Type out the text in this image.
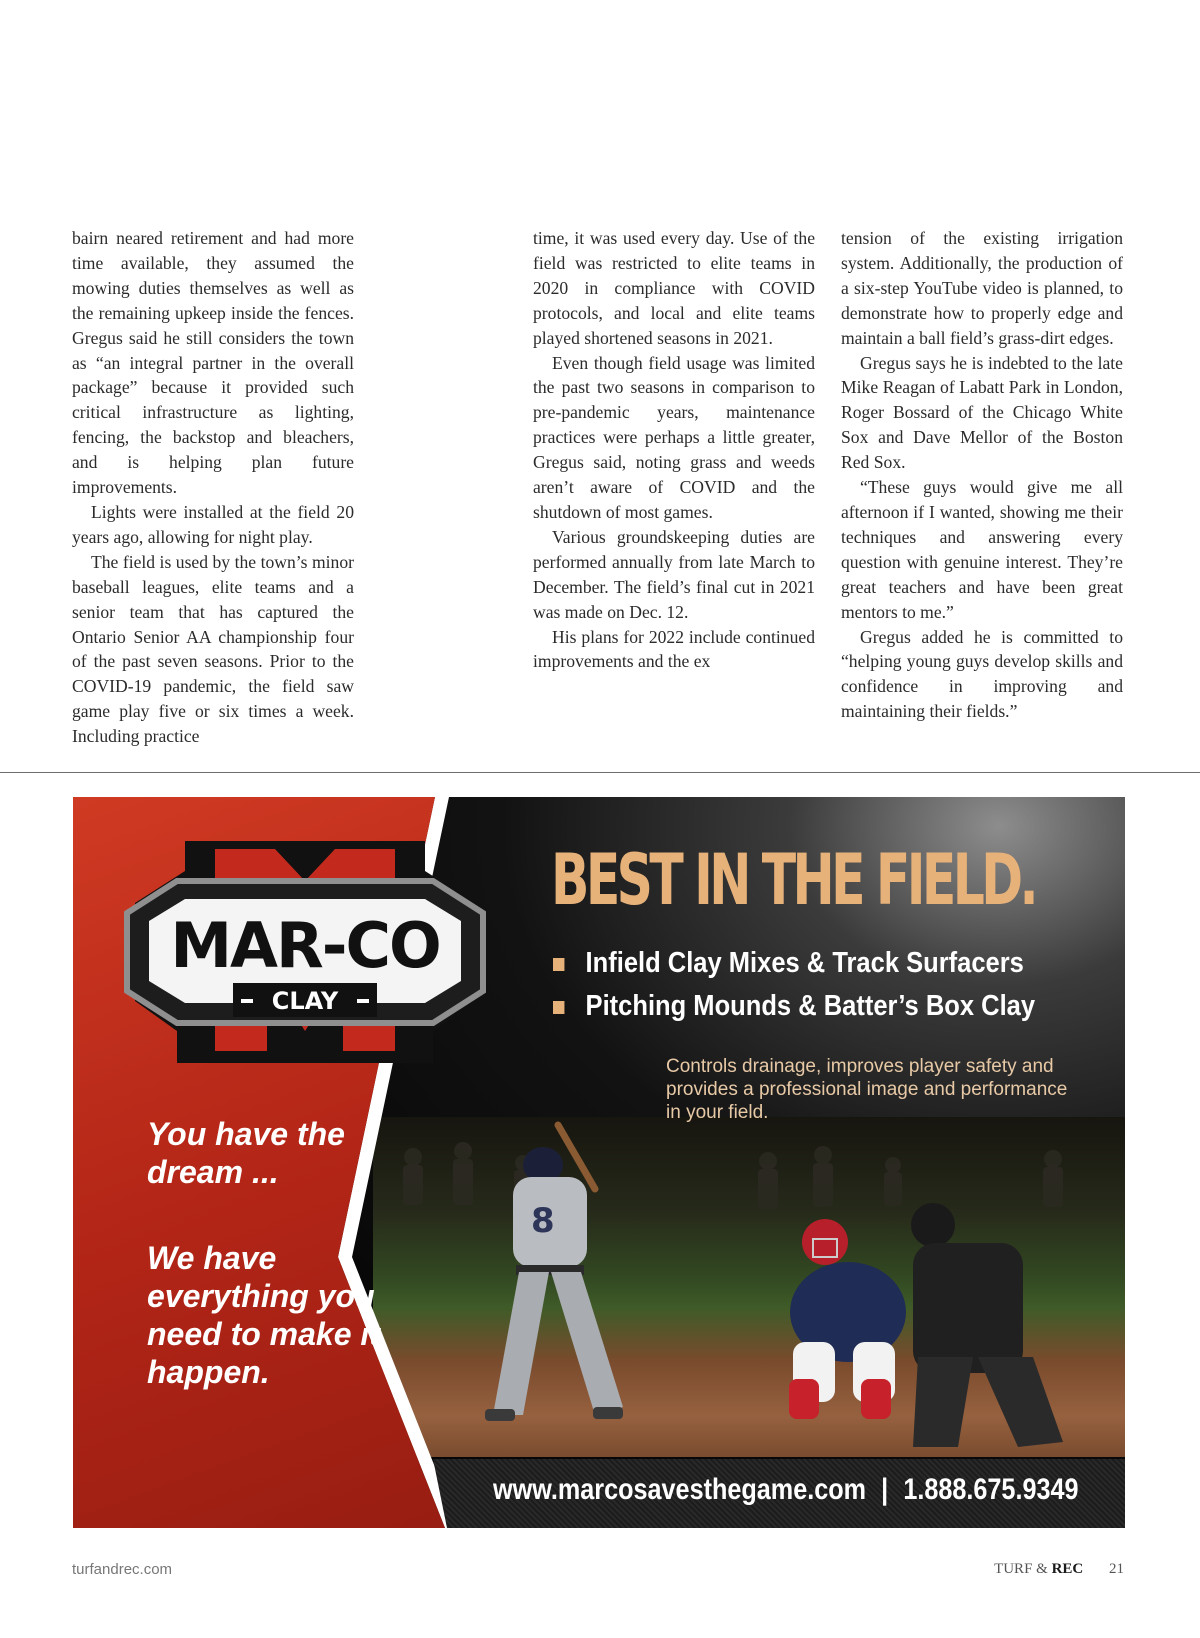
bairn neared retirement and had more time available, they assumed the mowing duties themselves as well as the remaining upkeep inside the fences. Gregus said he still considers the town as “an integral partner in the overall package” because it provided such critical infrastructure as lighting, fencing, the backstop and bleachers, and is helping plan future improvements.

Lights were installed at the field 20 years ago, allowing for night play.

The field is used by the town’s minor baseball leagues, elite teams and a senior team that has captured the Ontario Senior AA championship four of the past seven seasons. Prior to the COVID-19 pandemic, the field saw game play five or six times a week. Including practice

time, it was used every day. Use of the field was restricted to elite teams in 2020 in compliance with COVID protocols, and local and elite teams played shortened seasons in 2021.

Even though field usage was limited the past two seasons in comparison to pre-pandemic years, maintenance practices were perhaps a little greater, Gregus said, noting grass and weeds aren’t aware of COVID and the shutdown of most games.

Various groundskeeping duties are performed annually from late March to December. The field’s final cut in 2021 was made on Dec. 12.

His plans for 2022 include continued improvements and the ex

tension of the existing irrigation system. Additionally, the production of a six-step YouTube video is planned, to demonstrate how to properly edge and maintain a ball field’s grass-dirt edges.

Gregus says he is indebted to the late Mike Reagan of Labatt Park in London, Roger Bossard of the Chicago White Sox and Dave Mellor of the Boston Red Sox.

“These guys would give me all afternoon if I wanted, showing me their techniques and answering every question with genuine interest. They’re great teachers and have been great mentors to me.”

Gregus added he is committed to “helping young guys develop skills and confidence in improving and maintaining their fields.”

8
MAR-CO
CLAY

BEST IN THE FIELD.

Infield Clay Mixes & Track Surfacers
Pitching Mounds & Batter’s Box Clay

Controls drainage, improves player safety and provides a professional image and performance in your field.

You have the dream ...

We have everything you need to make it happen.

www.marcosavesthegame.com | 1.888.675.9349
turfandrec.com	TURF & REC 21
